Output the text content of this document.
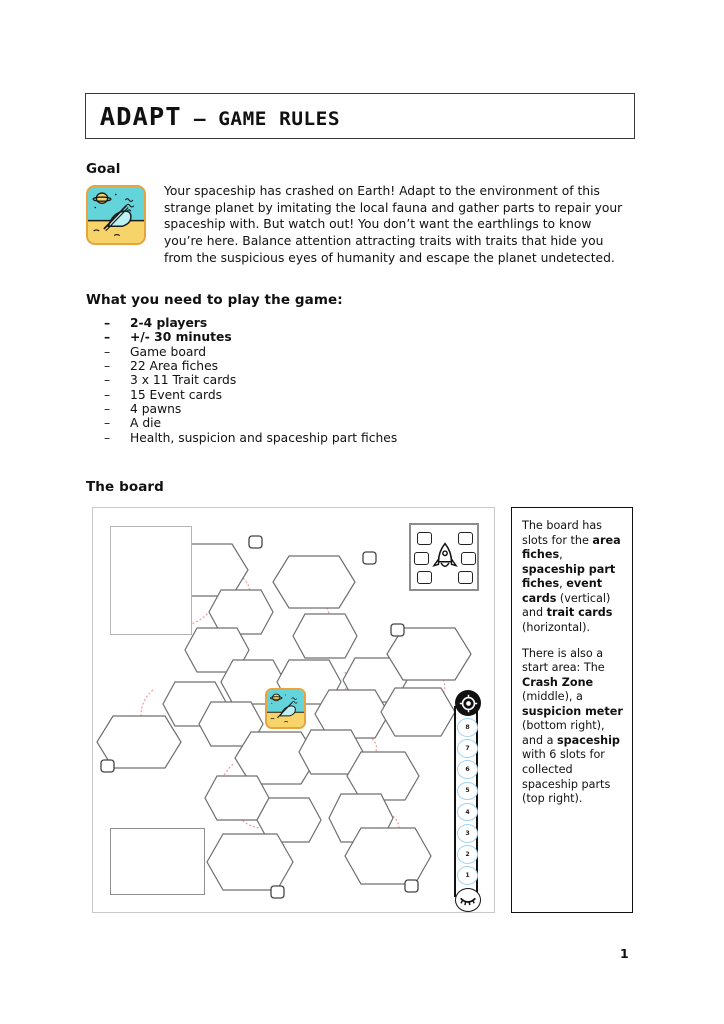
ADAPT – GAME RULES
Goal
Your spaceship has crashed on Earth! Adapt to the environment of this strange planet by imitating the local fauna and gather parts to repair your spaceship with. But watch out! You don’t want the earthlings to know you’re here. Balance attention attracting traits with traits that hide you from the suspicious eyes of humanity and escape the planet undetected.
What you need to play the game:
–	2-4 players
–	+/- 30 minutes
–	Game board
–	22 Area fiches
–	3 x 11 Trait cards
–	15 Event cards
–	4 pawns
–	A die
–	Health, suspicion and spaceship part fiches
The board
8
7
6
5
4
3
2
1

The board has slots for the area fiches, spaceship part fiches, event cards (vertical) and trait cards (horizontal).

There is also a start area: The Crash Zone (middle), a suspicion meter (bottom right), and a spaceship with 6 slots for collected spaceship parts (top right).

1
